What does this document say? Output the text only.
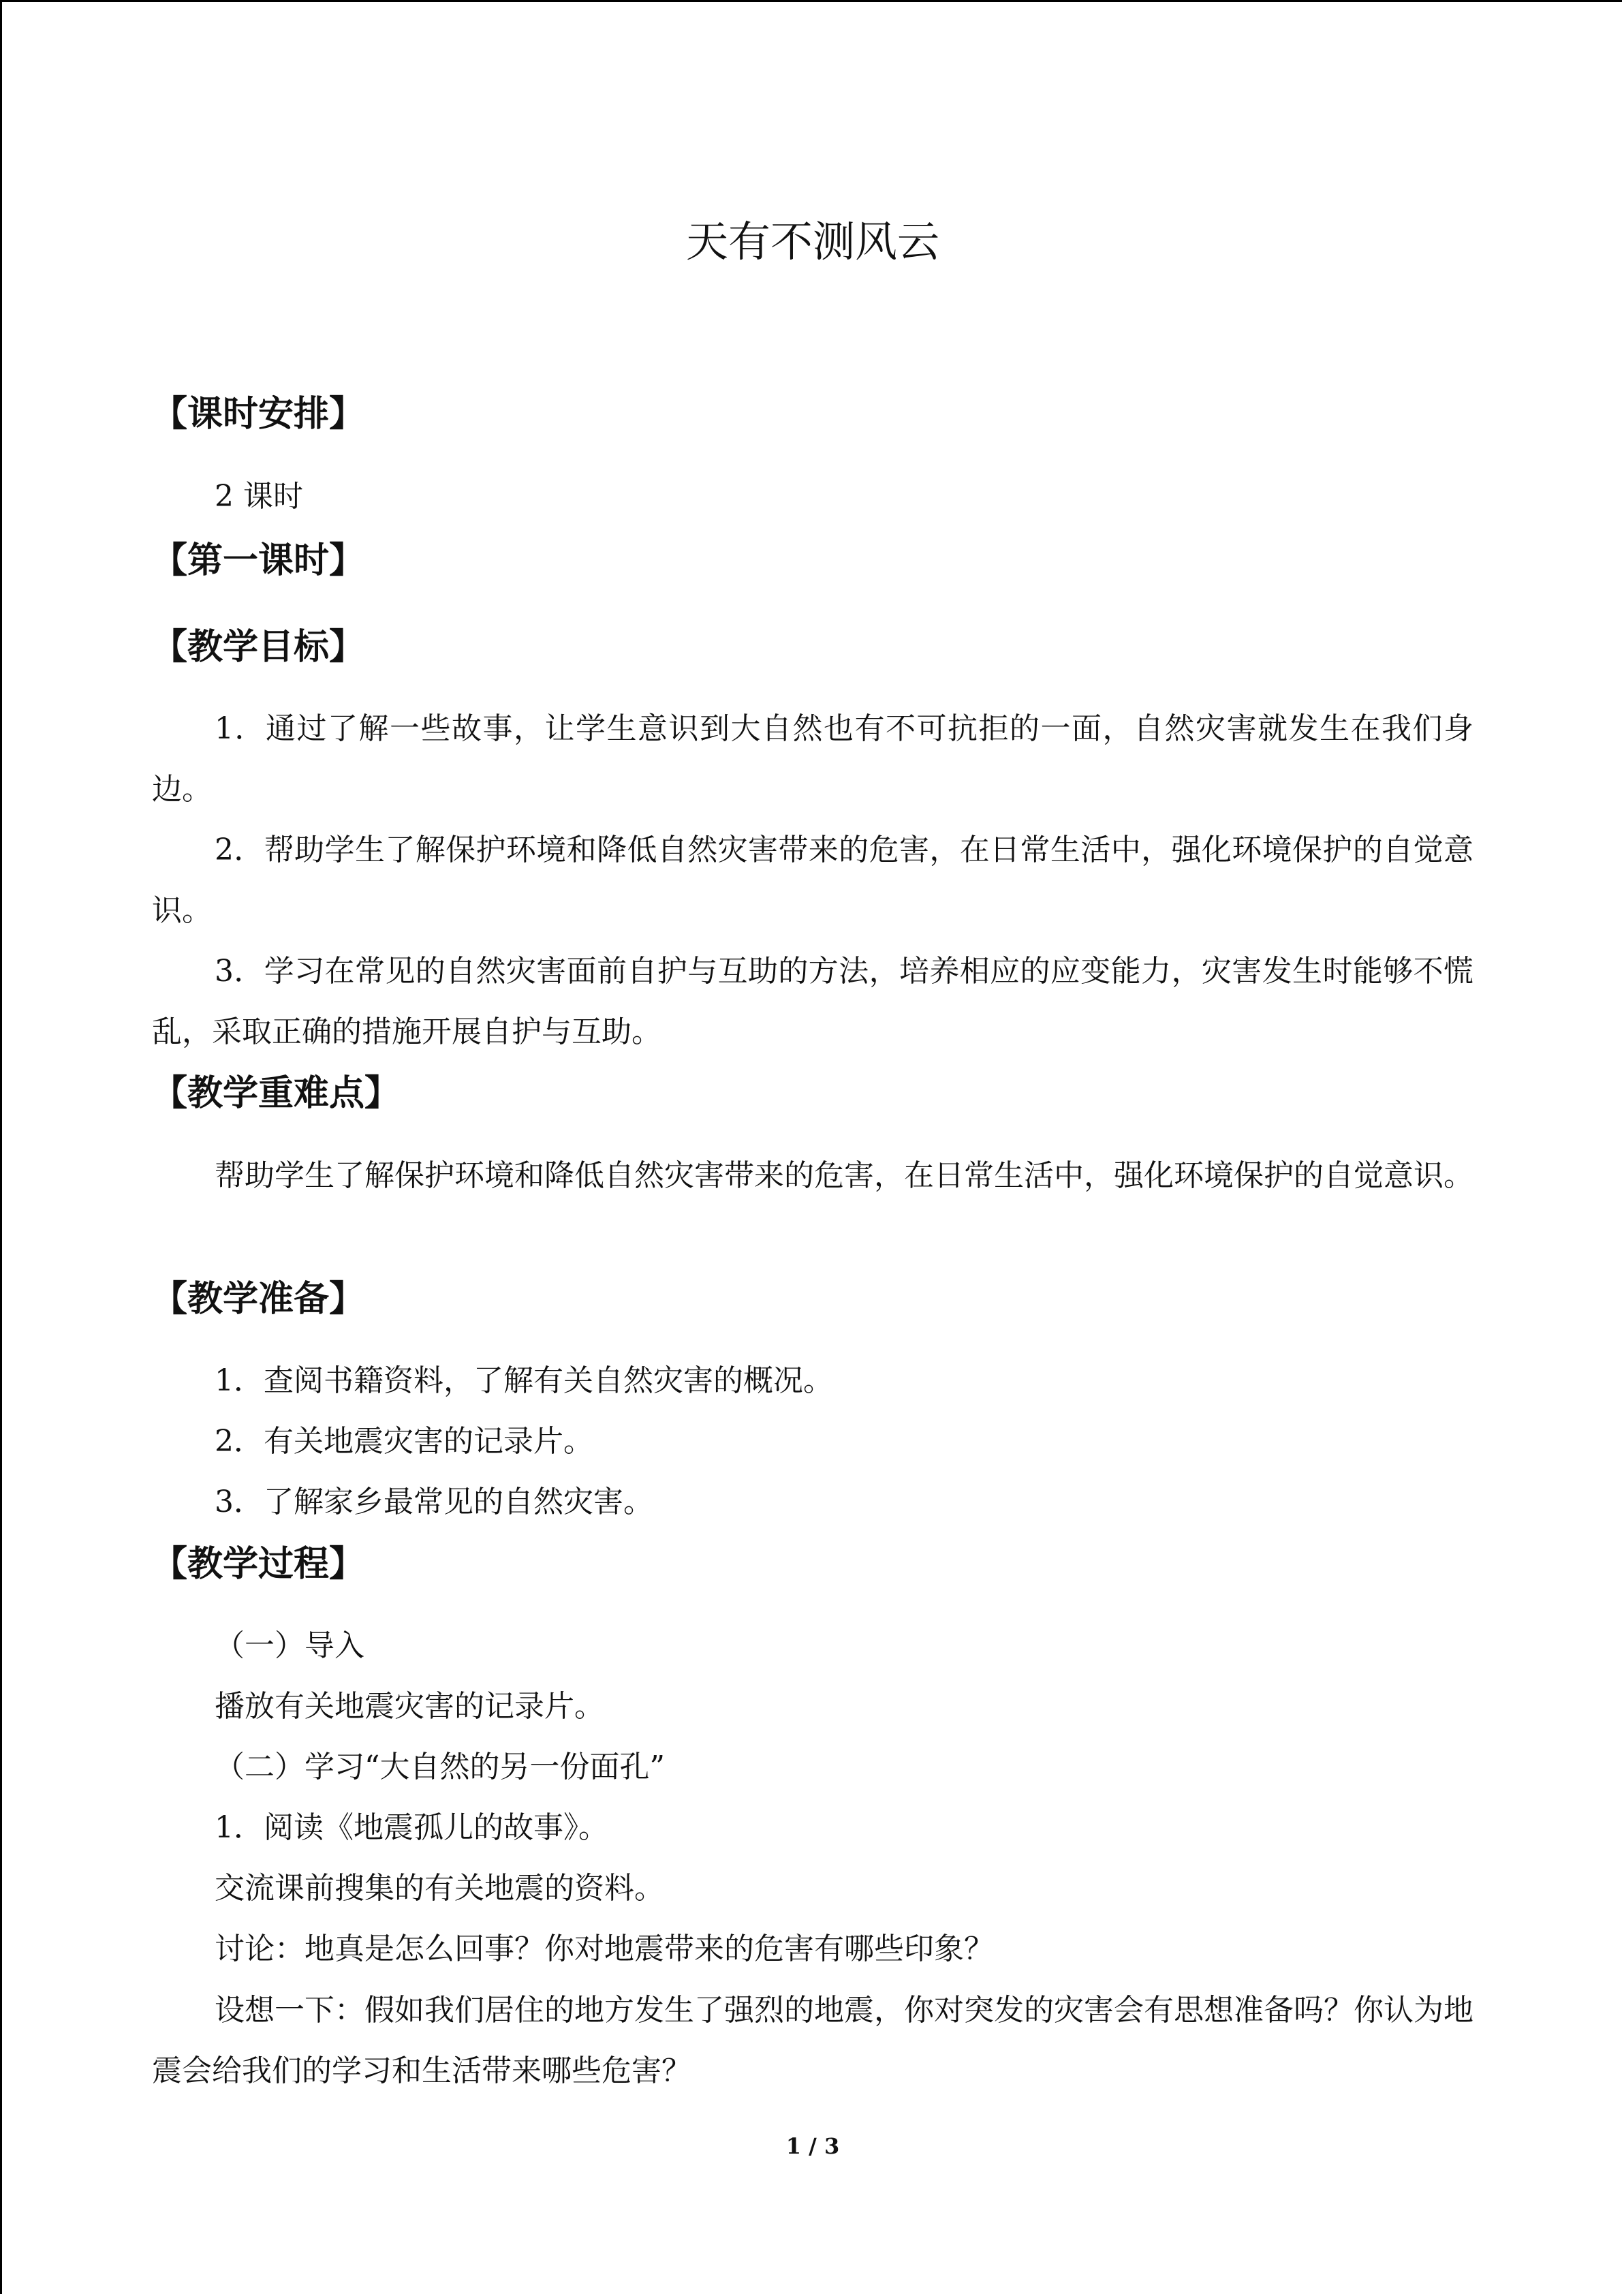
天有不测风云
【课时安排】

2 课时

【第一课时】
【教学目标】

1．通过了解一些故事，让学生意识到大自然也有不可抗拒的一面，自然灾害就发生在我们身边。

2．帮助学生了解保护环境和降低自然灾害带来的危害，在日常生活中，强化环境保护的自觉意识。

3．学习在常见的自然灾害面前自护与互助的方法，培养相应的应变能力，灾害发生时能够不慌乱，采取正确的措施开展自护与互助。

【教学重难点】

帮助学生了解保护环境和降低自然灾害带来的危害，在日常生活中，强化环境保护的自觉意识。

【教学准备】

1．查阅书籍资料，了解有关自然灾害的概况。

2．有关地震灾害的记录片。

3．了解家乡最常见的自然灾害。

【教学过程】

（一）导入

播放有关地震灾害的记录片。

（二）学习“大自然的另一份面孔”

1．阅读《地震孤儿的故事》。

交流课前搜集的有关地震的资料。

讨论：地真是怎么回事？你对地震带来的危害有哪些印象？

设想一下：假如我们居住的地方发生了强烈的地震，你对突发的灾害会有思想准备吗？你认为地震会给我们的学习和生活带来哪些危害？

1 / 3
